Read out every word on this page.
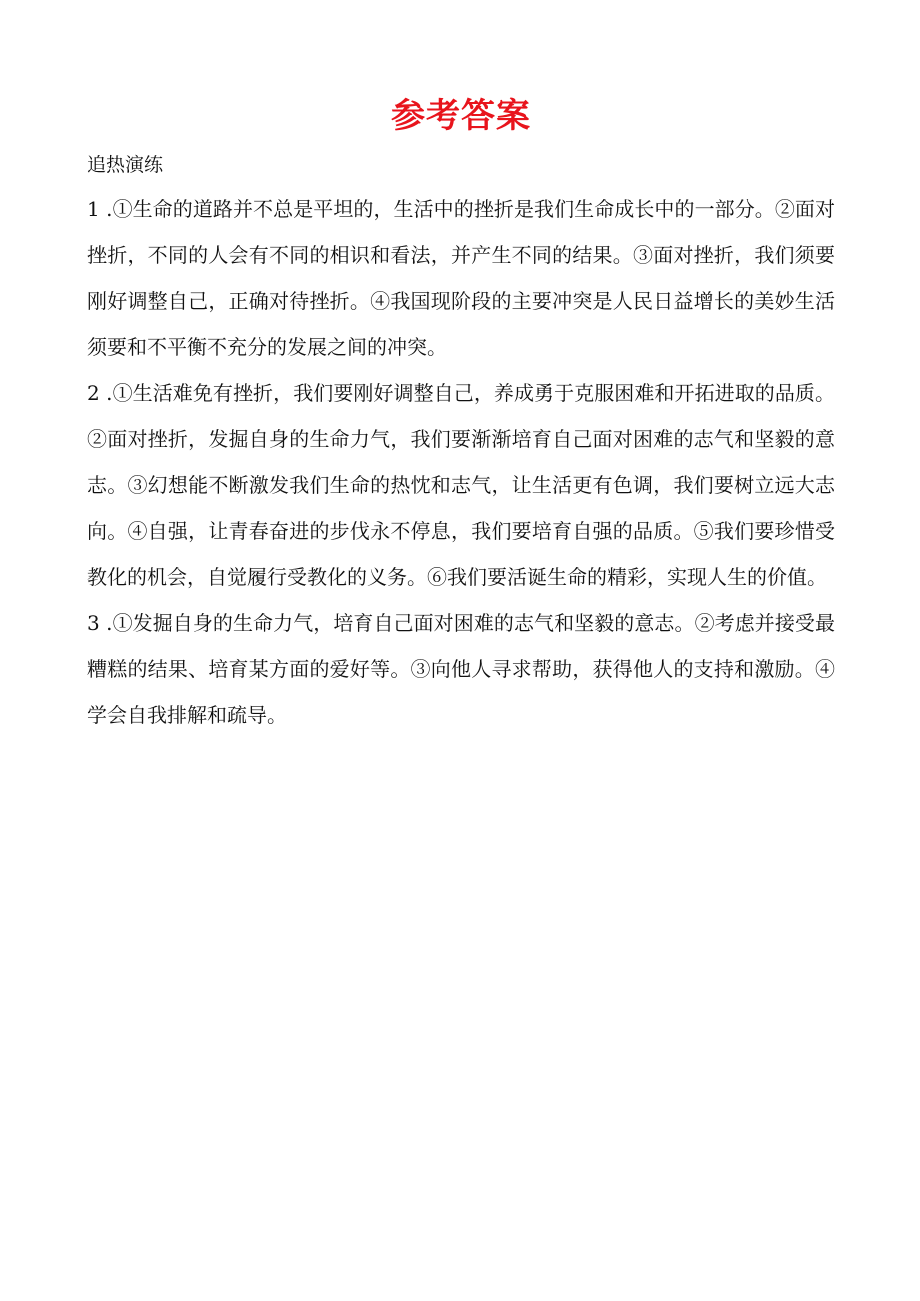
参考答案
追热演练

1 .①生命的道路并不总是平坦的，生活中的挫折是我们生命成长中的一部分。②面对挫折，不同的人会有不同的相识和看法，并产生不同的结果。③面对挫折，我们须要刚好调整自己，正确对待挫折。④我国现阶段的主要冲突是人民日益增长的美妙生活须要和不平衡不充分的发展之间的冲突。

2 .①生活难免有挫折，我们要刚好调整自己，养成勇于克服困难和开拓进取的品质。②面对挫折，发掘自身的生命力气，我们要渐渐培育自己面对困难的志气和坚毅的意志。③幻想能不断激发我们生命的热忱和志气，让生活更有色调，我们要树立远大志向。④自强，让青春奋进的步伐永不停息，我们要培育自强的品质。⑤我们要珍惜受教化的机会，自觉履行受教化的义务。⑥我们要活诞生命的精彩，实现人生的价值。

3 .①发掘自身的生命力气，培育自己面对困难的志气和坚毅的意志。②考虑并接受最糟糕的结果、培育某方面的爱好等。③向他人寻求帮助，获得他人的支持和激励。④学会自我排解和疏导。
